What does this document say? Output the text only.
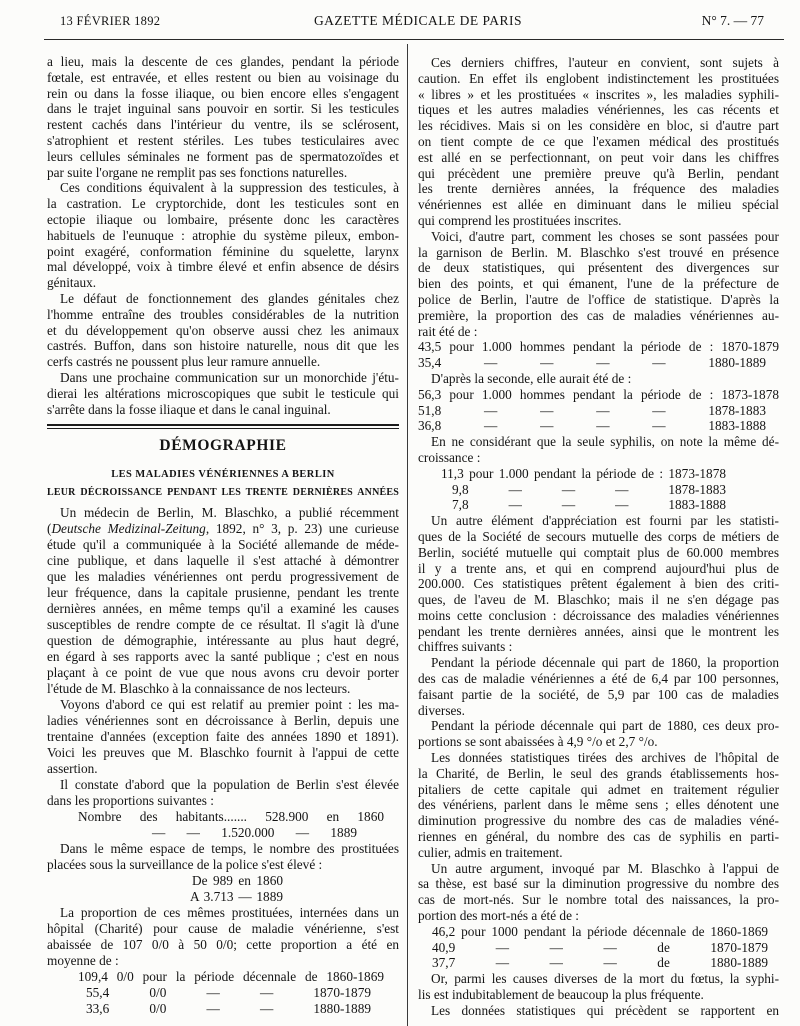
13 FÉVRIER 1892	GAZETTE MÉDICALE DE PARIS	N° 7. — 77
a lieu, mais la descente de ces glandes, pendant la période
fœtale, est entravée, et elles restent ou bien au voisinage du
rein ou dans la fosse iliaque, ou bien encore elles s'engagent
dans le trajet inguinal sans pouvoir en sortir. Si les testicules
restent cachés dans l'intérieur du ventre, ils se sclérosent,
s'atrophient et restent stériles. Les tubes testiculaires avec
leurs cellules séminales ne forment pas de spermatozoïdes et
par suite l'organe ne remplit pas ses fonctions naturelles.
Ces conditions équivalent à la suppression des testicules, à
la castration. Le cryptorchide, dont les testicules sont en
ectopie iliaque ou lombaire, présente donc les caractères
habituels de l'eunuque : atrophie du système pileux, embon-
point exagéré, conformation féminine du squelette, larynx
mal développé, voix à timbre élevé et enfin absence de désirs
génitaux.
Le défaut de fonctionnement des glandes génitales chez
l'homme entraîne des troubles considérables de la nutrition
et du développement qu'on observe aussi chez les animaux
castrés. Buffon, dans son histoire naturelle, nous dit que les
cerfs castrés ne poussent plus leur ramure annuelle.
Dans une prochaine communication sur un monorchide j'étu-
dierai les altérations microscopiques que subit le testicule qui
s'arrête dans la fosse iliaque et dans le canal inguinal.
DÉMOGRAPHIE
LES MALADIES VÉNÉRIENNES A BERLIN
LEUR DÉCROISSANCE PENDANT LES TRENTE DERNIÈRES ANNÉES
Un médecin de Berlin, M. Blaschko, a publié récemment
(Deutsche Medizinal-Zeitung, 1892, n° 3, p. 23) une curieuse
étude qu'il a communiquée à la Société allemande de méde-
cine publique, et dans laquelle il s'est attaché à démontrer
que les maladies vénériennes ont perdu progressivement de
leur fréquence, dans la capitale prusienne, pendant les trente
dernières années, en même temps qu'il a examiné les causes
susceptibles de rendre compte de ce résultat. Il s'agit là d'une
question de démographie, intéressante au plus haut degré,
en égard à ses rapports avec la santé publique ; c'est en nous
plaçant à ce point de vue que nous avons cru devoir porter
l'étude de M. Blaschko à la connaissance de nos lecteurs.
Voyons d'abord ce qui est relatif au premier point : les ma-
ladies vénériennes sont en décroissance à Berlin, depuis une
trentaine d'années (exception faite des années 1890 et 1891).
Voici les preuves que M. Blaschko fournit à l'appui de cette
assertion.
Il constate d'abord que la population de Berlin s'est élevée
dans les proportions suivantes :
Nombre des habitants....... 528.900 en 1860
— — 1.520.000 — 1889
Dans le même espace de temps, le nombre des prostituées
placées sous la surveillance de la police s'est élevé :
De 989 en 1860
A 3.713 — 1889
La proportion de ces mêmes prostituées, internées dans un
hôpital (Charité) pour cause de maladie vénérienne, s'est
abaissée de 107 0/0 à 50 0/0; cette proportion a été en
moyenne de :
109,4 0/0 pour la période décennale de 1860-1869
55,4 0/0 — — 1870-1879
33,6 0/0 — — 1880-1889
Ces derniers chiffres, l'auteur en convient, sont sujets à
caution. En effet ils englobent indistinctement les prostituées
« libres » et les prostituées « inscrites », les maladies syphili-
tiques et les autres maladies vénériennes, les cas récents et
les récidives. Mais si on les considère en bloc, si d'autre part
on tient compte de ce que l'examen médical des prostitués
est allé en se perfectionnant, on peut voir dans les chiffres
qui précèdent une première preuve qu'à Berlin, pendant
les trente dernières années, la fréquence des maladies
vénériennes est allée en diminuant dans le milieu spécial
qui comprend les prostituées inscrites.
Voici, d'autre part, comment les choses se sont passées pour
la garnison de Berlin. M. Blaschko s'est trouvé en présence
de deux statistiques, qui présentent des divergences sur
bien des points, et qui émanent, l'une de la préfecture de
police de Berlin, l'autre de l'office de statistique. D'après la
première, la proportion des cas de maladies vénériennes au-
rait été de :
43,5 pour 1.000 hommes pendant la période de : 1870-1879
35,4 — — — — 1880-1889
D'après la seconde, elle aurait été de :
56,3 pour 1.000 hommes pendant la période de : 1873-1878
51,8 — — — — 1878-1883
36,8 — — — — 1883-1888
En ne considérant que la seule syphilis, on note la même dé-
croissance :
11,3 pour 1.000 pendant la période de : 1873-1878
9,8 — — — 1878-1883
7,8 — — — 1883-1888
Un autre élément d'appréciation est fourni par les statisti-
ques de la Société de secours mutuelle des corps de métiers de
Berlin, société mutuelle qui comptait plus de 60.000 membres
il y a trente ans, et qui en comprend aujourd'hui plus de
200.000. Ces statistiques prêtent également à bien des criti-
ques, de l'aveu de M. Blaschko; mais il ne s'en dégage pas
moins cette conclusion : décroissance des maladies vénériennes
pendant les trente dernières années, ainsi que le montrent les
chiffres suivants :
Pendant la période décennale qui part de 1860, la proportion
des cas de maladie vénériennes a été de 6,4 par 100 personnes,
faisant partie de la société, de 5,9 par 100 cas de maladies
diverses.
Pendant la période décennale qui part de 1880, ces deux pro-
portions se sont abaissées à 4,9 °/o et 2,7 °/o.
Les données statistiques tirées des archives de l'hôpital de
la Charité, de Berlin, le seul des grands établissements hos-
pitaliers de cette capitale qui admet en traitement régulier
des vénériens, parlent dans le même sens ; elles dénotent une
diminution progressive du nombre des cas de maladies véné-
riennes en général, du nombre des cas de syphilis en parti-
culier, admis en traitement.
Un autre argument, invoqué par M. Blaschko à l'appui de
sa thèse, est basé sur la diminution progressive du nombre des
cas de mort-nés. Sur le nombre total des naissances, la pro-
portion des mort-nés a été de :
46,2 pour 1000 pendant la période décennale de 1860-1869
40,9 — — — de 1870-1879
37,7 — — — de 1880-1889
Or, parmi les causes diverses de la mort du fœtus, la syphi-
lis est indubitablement de beaucoup la plus fréquente.
Les données statistiques qui précèdent se rapportent en
